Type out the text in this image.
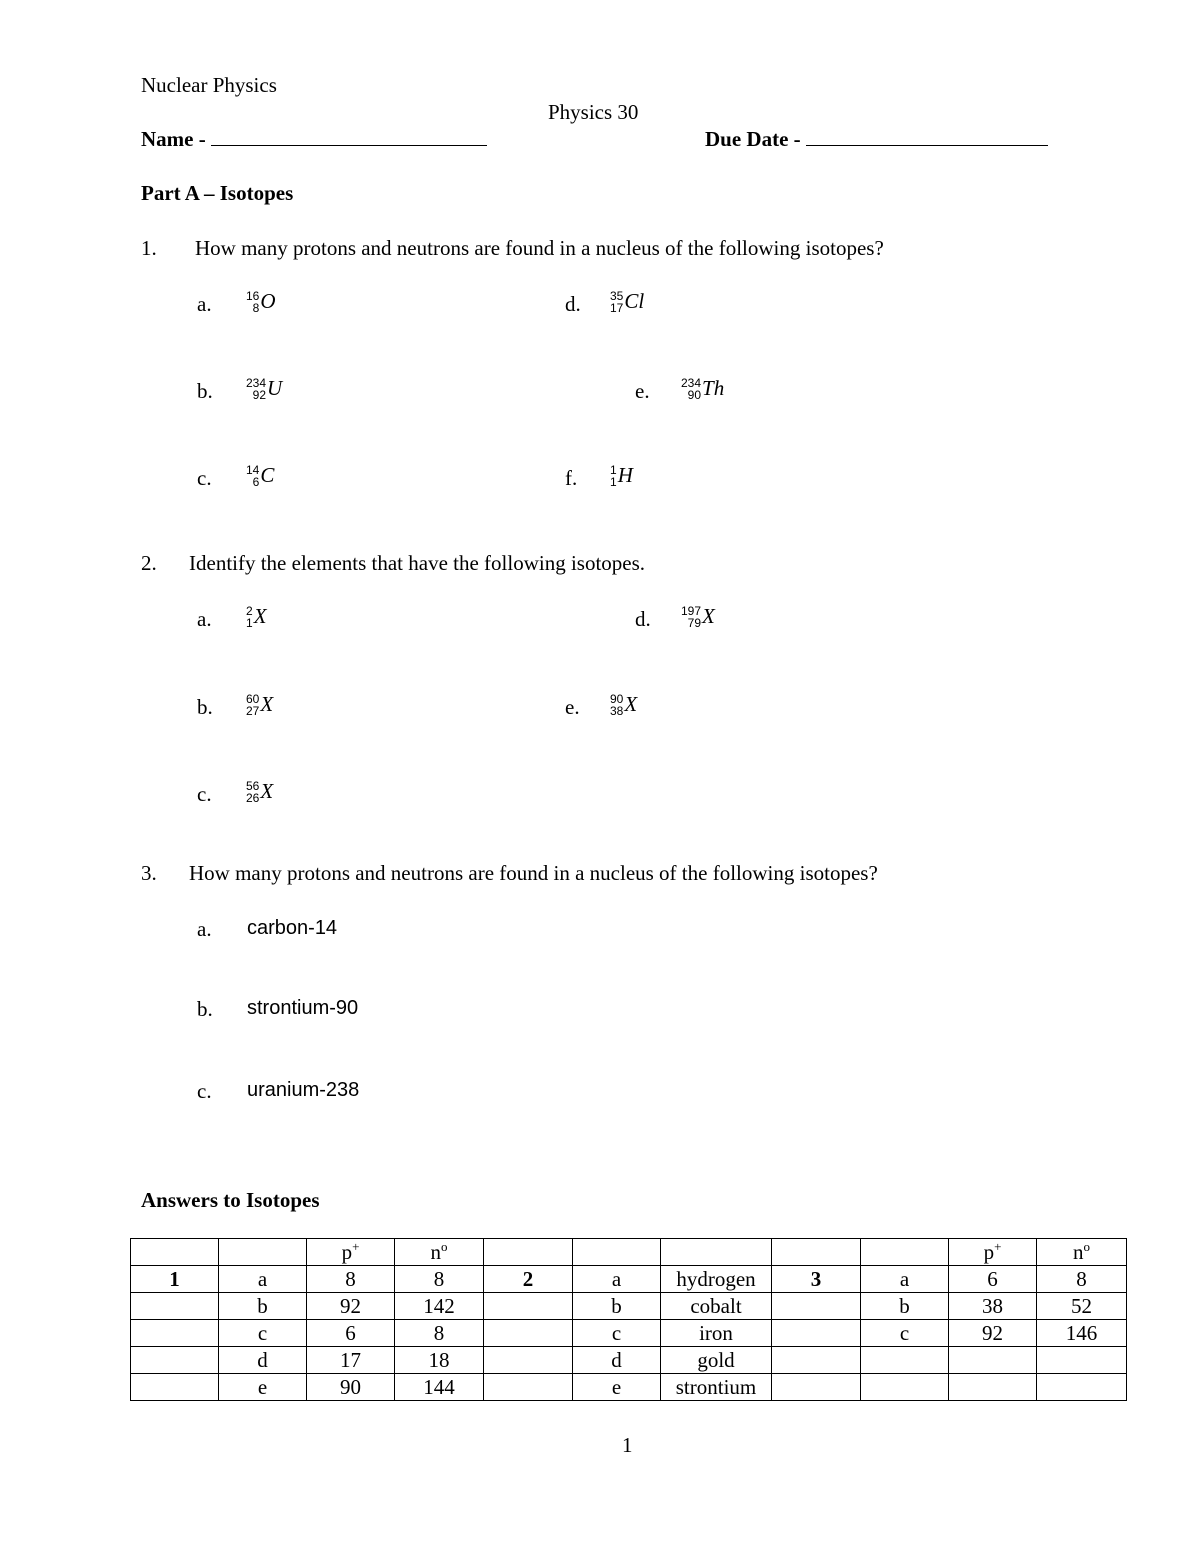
Nuclear Physics
Physics 30
Name -	Due Date -
Part A – Isotopes
1. How many protons and neutrons are found in a nucleus of the following isotopes?
a.	16
8 O	d. 35
17 Cl
b.	234
92 U	e.	234
90 Th
c.	14
6 C	f.	1
1 H
2. Identify the elements that have the following isotopes.
a.	2
1 X	d.	197
79 X
b.	60
27 X	e.	90
38 X
c.	56
26 X
3. How many protons and neutrons are found in a nucleus of the following isotopes?
a. carbon-14
b. strontium-90
c. uranium-238
Answers to Isotopes
		p+	$n^o$						p+	$n^o$
1	a	8	8	2	a	hydrogen	3	a	6	8
	b	92	142		b	cobalt		b	38	52
	c	6	8		c	iron		c	92	146
	d	17	18		d	gold				
	e	90	144		e	strontium				
1
